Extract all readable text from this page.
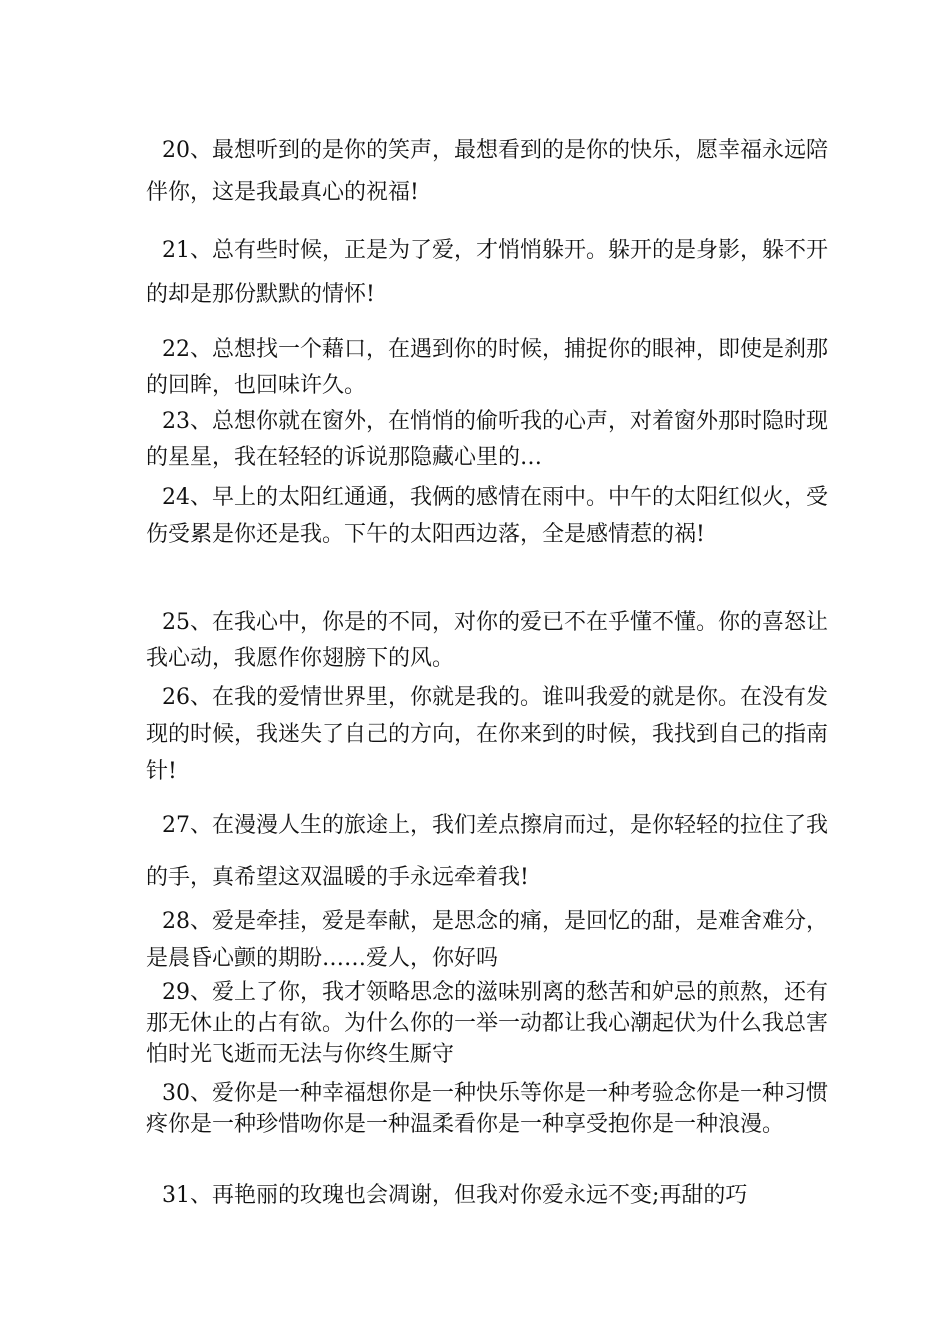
20、最想听到的是你的笑声，最想看到的是你的快乐，愿幸福永远陪伴你，这是我最真心的祝福!

21、总有些时候，正是为了爱，才悄悄躲开。躲开的是身影，躲不开的却是那份默默的情怀!

22、总想找一个藉口，在遇到你的时候，捕捉你的眼神，即使是刹那的回眸，也回味许久。

23、总想你就在窗外，在悄悄的偷听我的心声，对着窗外那时隐时现的星星，我在轻轻的诉说那隐藏心里的…

24、早上的太阳红通通，我俩的感情在雨中。中午的太阳红似火，受伤受累是你还是我。下午的太阳西边落，全是感情惹的祸!

25、在我心中，你是的不同，对你的爱已不在乎懂不懂。你的喜怒让我心动，我愿作你翅膀下的风。

26、在我的爱情世界里，你就是我的。谁叫我爱的就是你。在没有发现的时候，我迷失了自己的方向，在你来到的时候，我找到自己的指南针!

27、在漫漫人生的旅途上，我们差点擦肩而过，是你轻轻的拉住了我的手，真希望这双温暖的手永远牵着我!

28、爱是牵挂，爱是奉献，是思念的痛，是回忆的甜，是难舍难分，是晨昏心颤的期盼……爱人，你好吗

29、爱上了你，我才领略思念的滋味别离的愁苦和妒忌的煎熬，还有那无休止的占有欲。为什么你的一举一动都让我心潮起伏为什么我总害怕时光飞逝而无法与你终生厮守

30、爱你是一种幸福想你是一种快乐等你是一种考验念你是一种习惯疼你是一种珍惜吻你是一种温柔看你是一种享受抱你是一种浪漫。

31、再艳丽的玫瑰也会凋谢，但我对你爱永远不变;再甜的巧
